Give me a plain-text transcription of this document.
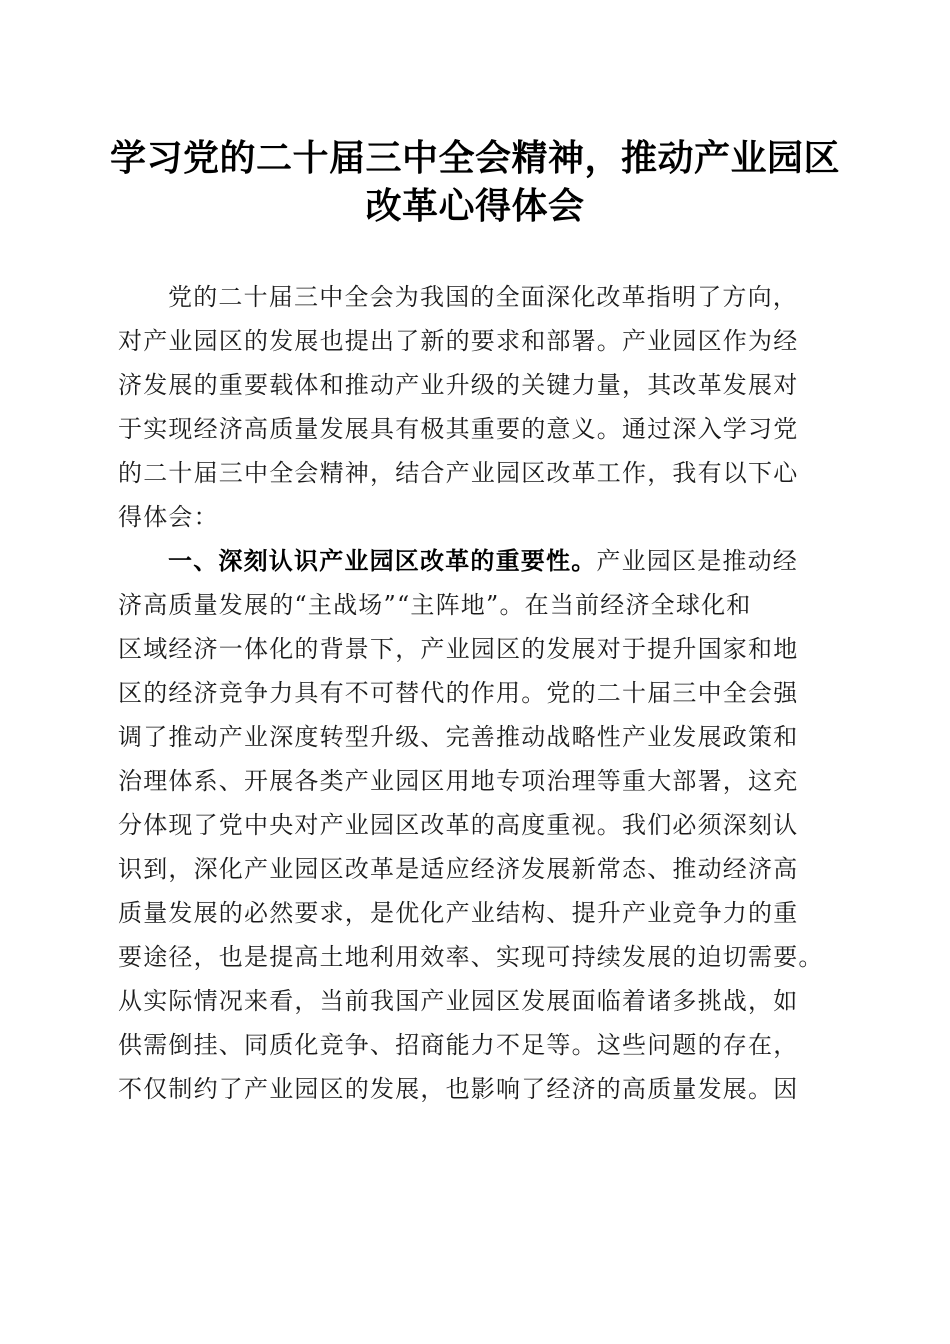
学习党的二十届三中全会精神，推动产业园区
改革心得体会
党的二十届三中全会为我国的全面深化改革指明了方向，
对产业园区的发展也提出了新的要求和部署。产业园区作为经
济发展的重要载体和推动产业升级的关键力量，其改革发展对
于实现经济高质量发展具有极其重要的意义。通过深入学习党
的二十届三中全会精神，结合产业园区改革工作，我有以下心
得体会：
一、深刻认识产业园区改革的重要性。产业园区是推动经
济高质量发展的“主战场”“主阵地”。在当前经济全球化和
区域经济一体化的背景下，产业园区的发展对于提升国家和地
区的经济竞争力具有不可替代的作用。党的二十届三中全会强
调了推动产业深度转型升级、完善推动战略性产业发展政策和
治理体系、开展各类产业园区用地专项治理等重大部署，这充
分体现了党中央对产业园区改革的高度重视。我们必须深刻认
识到，深化产业园区改革是适应经济发展新常态、推动经济高
质量发展的必然要求，是优化产业结构、提升产业竞争力的重
要途径，也是提高土地利用效率、实现可持续发展的迫切需要。
从实际情况来看，当前我国产业园区发展面临着诸多挑战，如
供需倒挂、同质化竞争、招商能力不足等。这些问题的存在，
不仅制约了产业园区的发展，也影响了经济的高质量发展。因
